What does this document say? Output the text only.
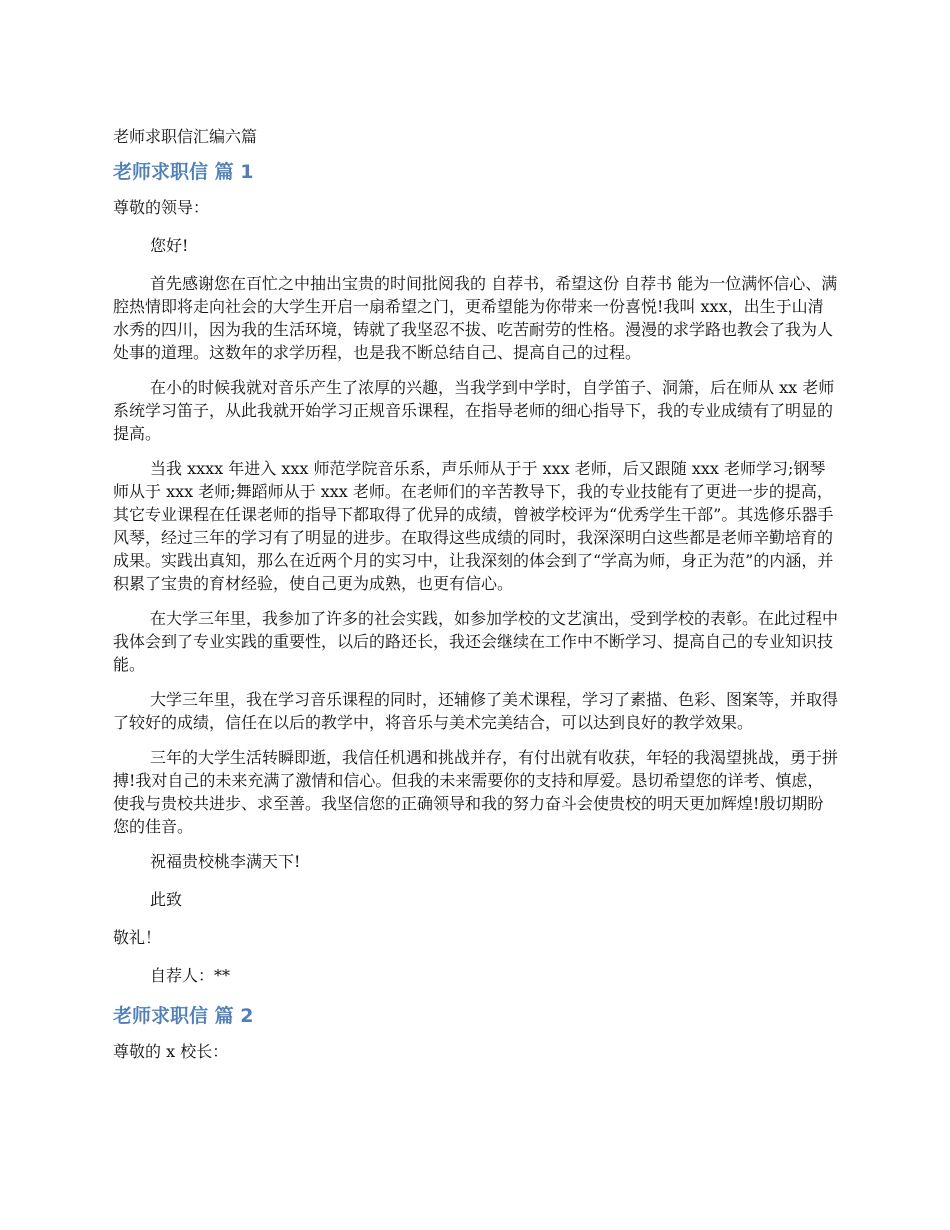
老师求职信汇编六篇
老师求职信 篇 1

尊敬的领导：

您好!

首先感谢您在百忙之中抽出宝贵的时间批阅我的 自荐书，希望这份 自荐书 能为一位满怀信心、满腔热情即将走向社会的大学生开启一扇希望之门，更希望能为你带来一份喜悦!我叫 xxx，出生于山清水秀的四川，因为我的生活环境，铸就了我坚忍不拔、吃苦耐劳的性格。漫漫的求学路也教会了我为人处事的道理。这数年的求学历程，也是我不断总结自己、提高自己的过程。

在小的时候我就对音乐产生了浓厚的兴趣，当我学到中学时，自学笛子、洞箫，后在师从 xx 老师系统学习笛子，从此我就开始学习正规音乐课程，在指导老师的细心指导下，我的专业成绩有了明显的提高。

当我 xxxx 年进入 xxx 师范学院音乐系，声乐师从于于 xxx 老师，后又跟随 xxx 老师学习;钢琴师从于 xxx 老师;舞蹈师从于 xxx 老师。在老师们的辛苦教导下，我的专业技能有了更进一步的提高，其它专业课程在任课老师的指导下都取得了优异的成绩，曾被学校评为“优秀学生干部”。其选修乐器手风琴，经过三年的学习有了明显的进步。在取得这些成绩的同时，我深深明白这些都是老师辛勤培育的成果。实践出真知，那么在近两个月的实习中，让我深刻的体会到了“学高为师，身正为范”的内涵，并积累了宝贵的育材经验，使自己更为成熟，也更有信心。

在大学三年里，我参加了许多的社会实践，如参加学校的文艺演出，受到学校的表彰。在此过程中我体会到了专业实践的重要性，以后的路还长，我还会继续在工作中不断学习、提高自己的专业知识技能。

大学三年里，我在学习音乐课程的同时，还辅修了美术课程，学习了素描、色彩、图案等，并取得了较好的成绩，信任在以后的教学中，将音乐与美术完美结合，可以达到良好的教学效果。

三年的大学生活转瞬即逝，我信任机遇和挑战并存，有付出就有收获，年轻的我渴望挑战，勇于拼搏!我对自己的未来充满了激情和信心。但我的未来需要你的支持和厚爱。恳切希望您的详考、慎虑，使我与贵校共进步、求至善。我坚信您的正确领导和我的努力奋斗会使贵校的明天更加辉煌!殷切期盼您的佳音。

祝福贵校桃李满天下!

此致

敬礼！

自荐人：**

老师求职信 篇 2

尊敬的 x 校长：
